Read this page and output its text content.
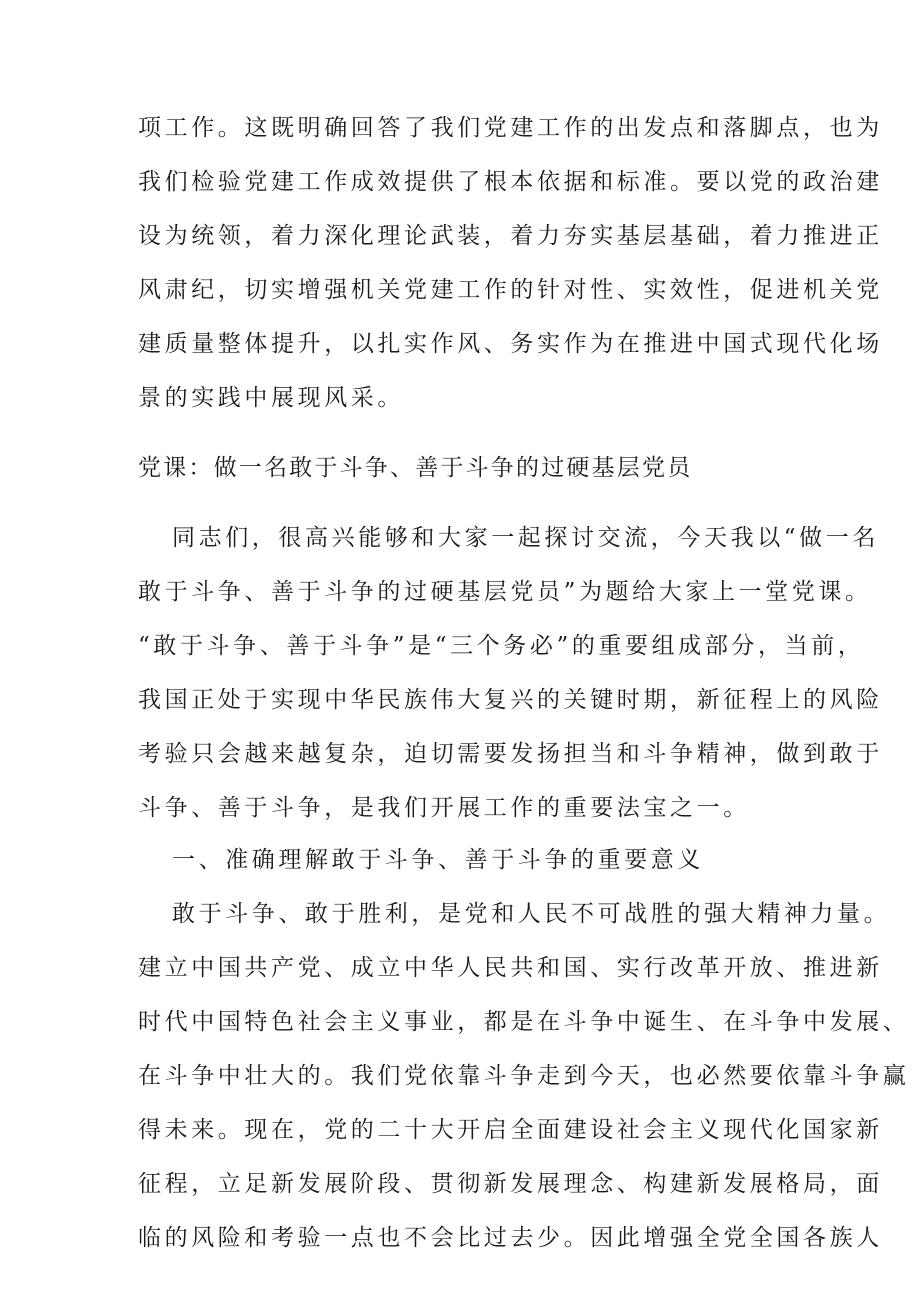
项工作。这既明确回答了我们党建工作的出发点和落脚点，也为
我们检验党建工作成效提供了根本依据和标准。要以党的政治建
设为统领，着力深化理论武装，着力夯实基层基础，着力推进正
风肃纪，切实增强机关党建工作的针对性、实效性，促进机关党
建质量整体提升，以扎实作风、务实作为在推进中国式现代化场
景的实践中展现风采。
党课：做一名敢于斗争、善于斗争的过硬基层党员
同志们，很高兴能够和大家一起探讨交流，今天我以“做一名
敢于斗争、善于斗争的过硬基层党员”为题给大家上一堂党课。
“敢于斗争、善于斗争”是“三个务必”的重要组成部分，当前，
我国正处于实现中华民族伟大复兴的关键时期，新征程上的风险
考验只会越来越复杂，迫切需要发扬担当和斗争精神，做到敢于
斗争、善于斗争，是我们开展工作的重要法宝之一。
一、准确理解敢于斗争、善于斗争的重要意义
敢于斗争、敢于胜利，是党和人民不可战胜的强大精神力量。
建立中国共产党、成立中华人民共和国、实行改革开放、推进新
时代中国特色社会主义事业，都是在斗争中诞生、在斗争中发展、
在斗争中壮大的。我们党依靠斗争走到今天，也必然要依靠斗争赢
得未来。现在，党的二十大开启全面建设社会主义现代化国家新
征程，立足新发展阶段、贯彻新发展理念、构建新发展格局，面
临的风险和考验一点也不会比过去少。因此增强全党全国各族人
